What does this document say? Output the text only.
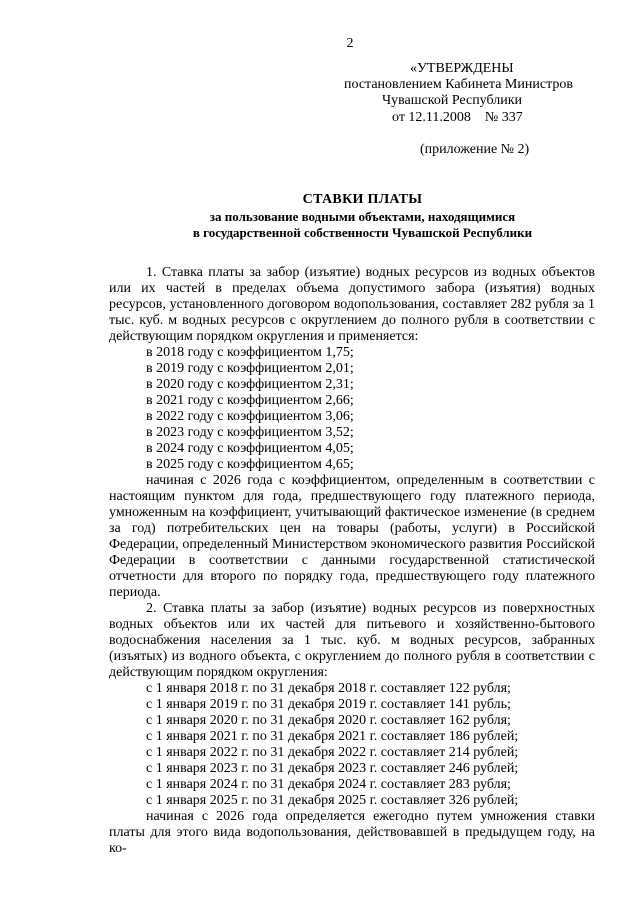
2
«УТВЕРЖДЕНЫ
постановлением Кабинета Министров
Чувашской Республики
от 12.11.2008    № 337
(приложение № 2)
СТАВКИ ПЛАТЫ
за пользование водными объектами, находящимися
в государственной собственности Чувашской Республики

1. Ставка платы за забор (изъятие) водных ресурсов из водных объектов или их частей в пределах объема допустимого забора (изъятия) водных ресурсов, установленного договором водопользования, составляет 282 рубля за 1 тыс. куб. м водных ресурсов с округлением до полного рубля в соответствии с действующим порядком округления и применяется:

в 2018 году с коэффициентом 1,75;

в 2019 году с коэффициентом 2,01;

в 2020 году с коэффициентом 2,31;

в 2021 году с коэффициентом 2,66;

в 2022 году с коэффициентом 3,06;

в 2023 году с коэффициентом 3,52;

в 2024 году с коэффициентом 4,05;

в 2025 году с коэффициентом 4,65;

начиная с 2026 года с коэффициентом, определенным в соответствии с настоящим пунктом для года, предшествующего году платежного периода, умноженным на коэффициент, учитывающий фактическое изменение (в среднем за год) потребительских цен на товары (работы, услуги) в Российской Федерации, определенный Министерством экономического развития Российской Федерации в соответствии с данными государственной статистической отчетности для второго по порядку года, предшествующего году платежного периода.

2. Ставка платы за забор (изъятие) водных ресурсов из поверхностных водных объектов или их частей для питьевого и хозяйственно-бытового водоснабжения населения за 1 тыс. куб. м водных ресурсов, забранных (изъятых) из водного объекта, с округлением до полного рубля в соответствии с действующим порядком округления:

с 1 января 2018 г. по 31 декабря 2018 г. составляет 122 рубля;

с 1 января 2019 г. по 31 декабря 2019 г. составляет 141 рубль;

с 1 января 2020 г. по 31 декабря 2020 г. составляет 162 рубля;

с 1 января 2021 г. по 31 декабря 2021 г. составляет 186 рублей;

с 1 января 2022 г. по 31 декабря 2022 г. составляет 214 рублей;

с 1 января 2023 г. по 31 декабря 2023 г. составляет 246 рублей;

с 1 января 2024 г. по 31 декабря 2024 г. составляет 283 рубля;

с 1 января 2025 г. по 31 декабря 2025 г. составляет 326 рублей;

начиная с 2026 года определяется ежегодно путем умножения ставки платы для этого вида водопользования, действовавшей в предыдущем году, на ко-
